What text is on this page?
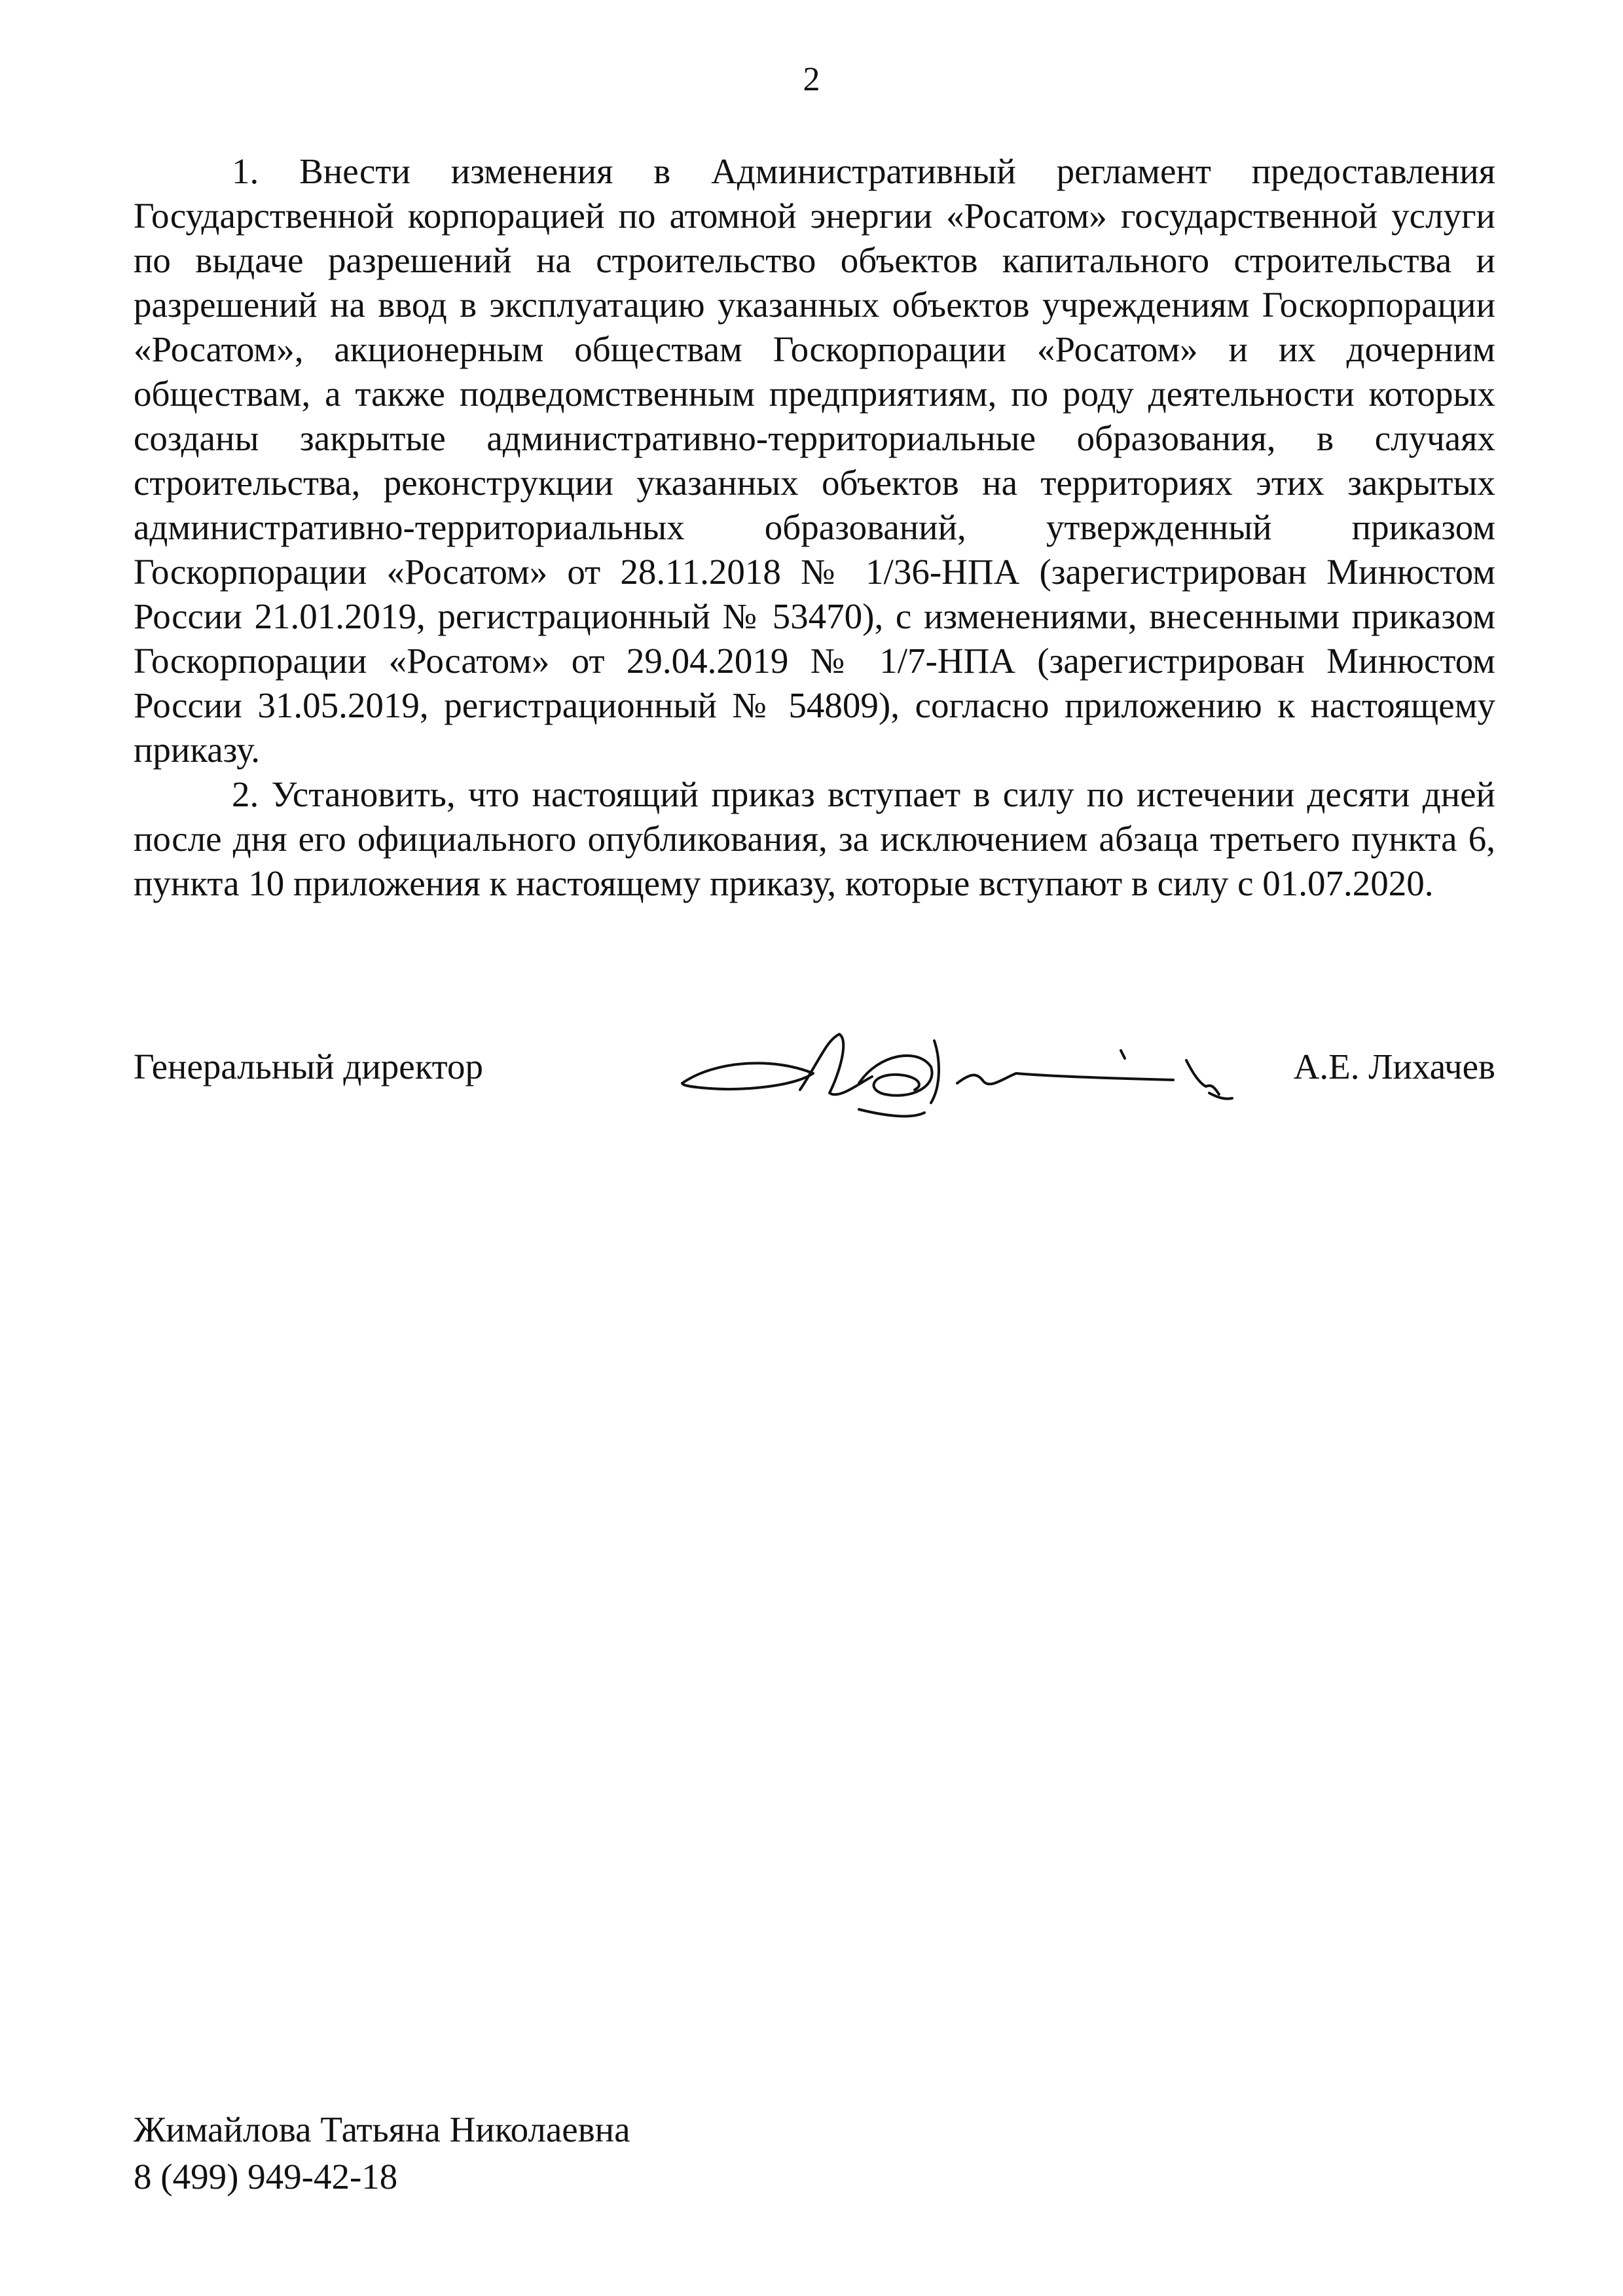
2

1. Внести изменения в Административный регламент предоставления Государственной корпорацией по атомной энергии «Росатом» государственной услуги по выдаче разрешений на строительство объектов капитального строительства и разрешений на ввод в эксплуатацию указанных объектов учреждениям Госкорпорации «Росатом», акционерным обществам Госкорпорации «Росатом» и их дочерним обществам, а также подведомственным предприятиям, по роду деятельности которых созданы закрытые административно-территориальные образования, в случаях строительства, реконструкции указанных объектов на территориях этих закрытых административно-территориальных образований, утвержденный приказом Госкорпорации «Росатом» от 28.11.2018 № 1/36-НПА (зарегистрирован Минюстом России 21.01.2019, регистрационный № 53470), с изменениями, внесенными приказом Госкорпорации «Росатом» от 29.04.2019 № 1/7-НПА (зарегистрирован Минюстом России 31.05.2019, регистрационный № 54809), согласно приложению к настоящему приказу.

2. Установить, что настоящий приказ вступает в силу по истечении десяти дней после дня его официального опубликования, за исключением абзаца третьего пункта 6, пункта 10 приложения к настоящему приказу, которые вступают в силу с 01.07.2020.

Генеральный директор	А.Е. Лихачев
Жимайлова Татьяна Николаевна
8 (499) 949-42-18
